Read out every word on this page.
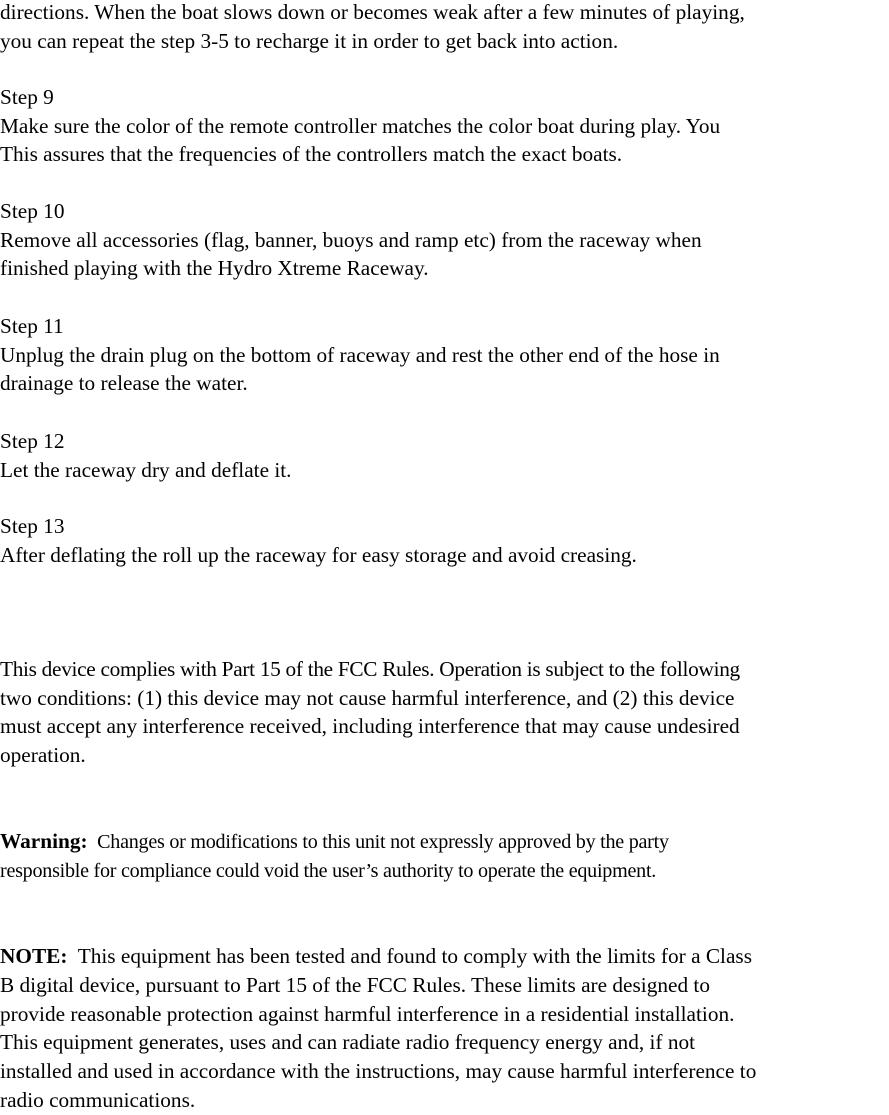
directions. When the boat slows down or becomes weak after a few minutes of playing,
you can repeat the step 3-5 to recharge it in order to get back into action.
Step 9
Make sure the color of the remote controller matches the color boat during play. You
This assures that the frequencies of the controllers match the exact boats.
Step 10
Remove all accessories (flag, banner, buoys and ramp etc) from the raceway when
finished playing with the Hydro Xtreme Raceway.
Step 11
Unplug the drain plug on the bottom of raceway and rest the other end of the hose in
drainage to release the water.
Step 12
Let the raceway dry and deflate it.
Step 13
After deflating the roll up the raceway for easy storage and avoid creasing.
This device complies with Part 15 of the FCC Rules. Operation is subject to the following
two conditions: (1) this device may not cause harmful interference, and (2) this device
must accept any interference received, including interference that may cause undesired
operation.
Warning:  Changes or modifications to this unit not expressly approved by the party
responsible for compliance could void the user’s authority to operate the equipment.
NOTE:  This equipment has been tested and found to comply with the limits for a Class
B digital device, pursuant to Part 15 of the FCC Rules. These limits are designed to
provide reasonable protection against harmful interference in a residential installation.
This equipment generates, uses and can radiate radio frequency energy and, if not
installed and used in accordance with the instructions, may cause harmful interference to
radio communications.
